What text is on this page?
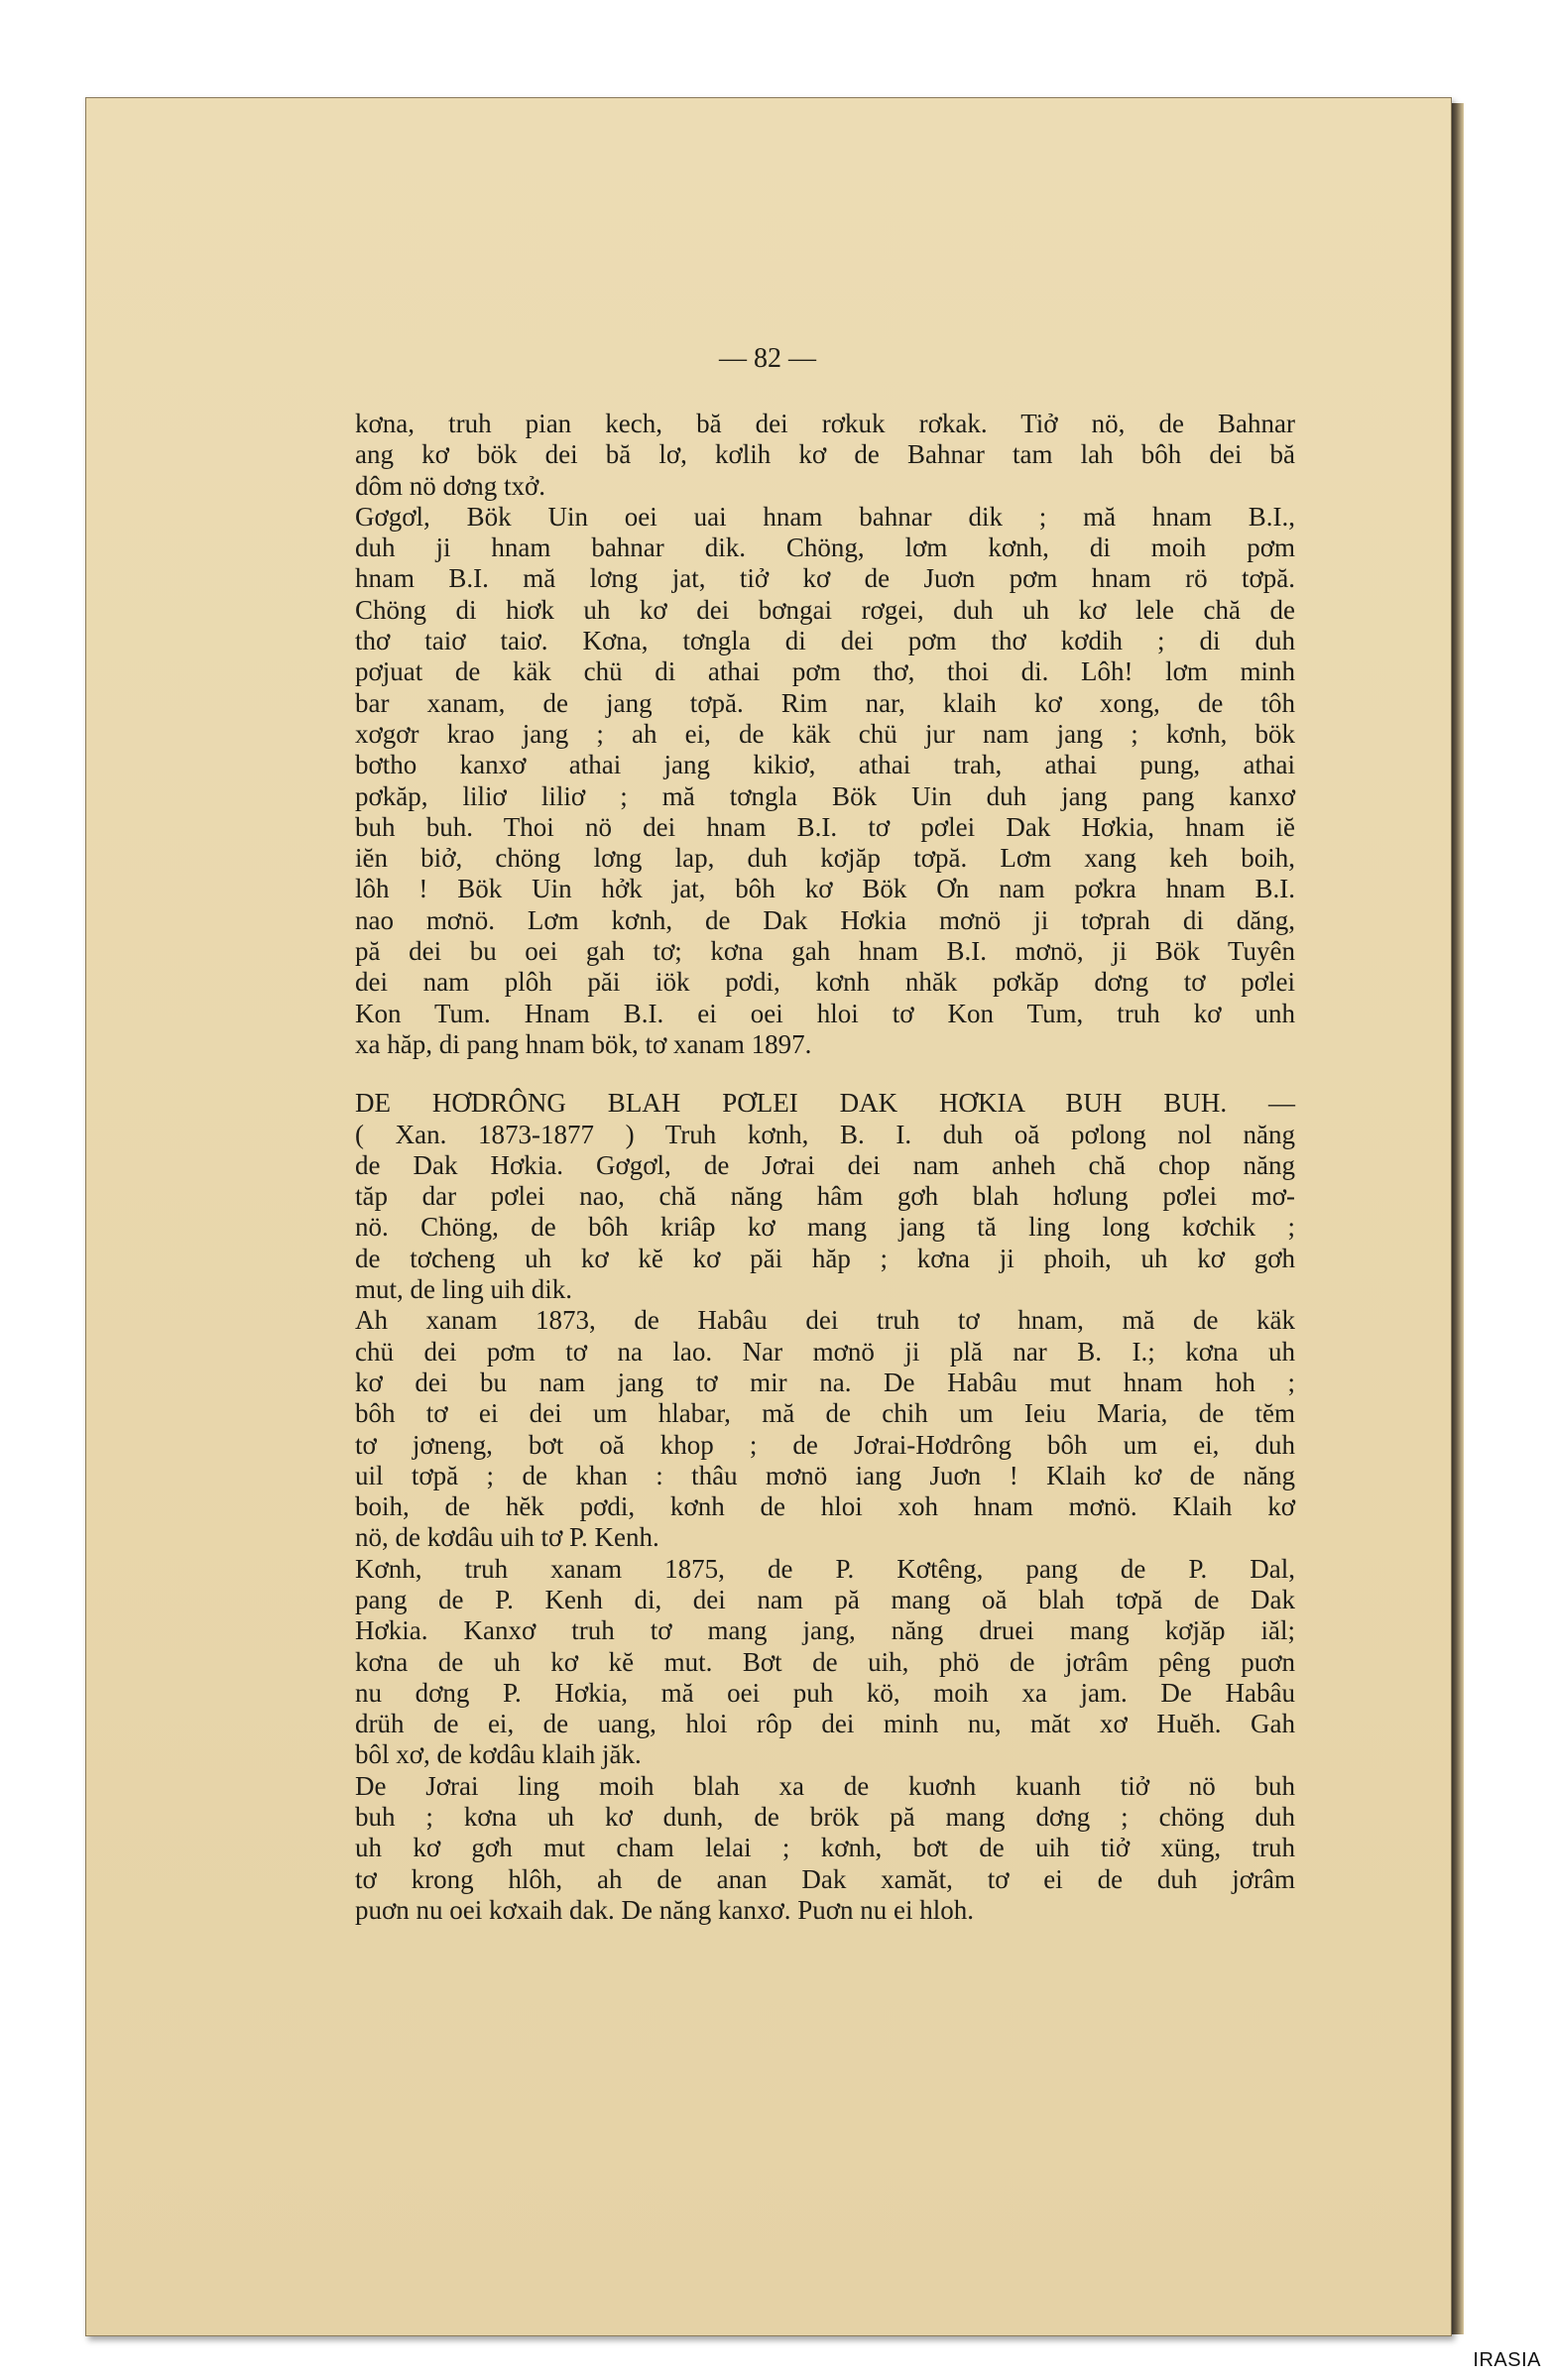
— 82 —
kơna, truh pian kech, bă dei rơkuk rơkak. Tiở nö, de Bahnar
ang kơ bök dei bă lơ, kơlih kơ de Bahnar tam lah bôh dei bă
dôm nö dơng txở.
Gơgơl, Bök Uin oei uai hnam bahnar dik ; mă hnam B.I.,
duh ji hnam bahnar dik. Chöng, lơm kơnh, di moih pơm
hnam B.I. mă lơng jat, tiở kơ de Juơn pơm hnam rö tơpă.
Chöng di hiơk uh kơ dei bơngai rơgei, duh uh kơ lele chă de
thơ taiơ taiơ. Kơna, tơngla di dei pơm thơ kơdih ; di duh
pơjuat de käk chü di athai pơm thơ, thoi di. Lôh! lơm minh
bar xanam, de jang tơpă. Rim nar, klaih kơ xong, de tôh
xơgơr krao jang ; ah ei, de käk chü jur nam jang ; kơnh, bök
bơtho kanxơ athai jang kikiơ, athai trah, athai pung, athai
pơkăp, liliơ liliơ ; mă tơngla Bök Uin duh jang pang kanxơ
buh buh. Thoi nö dei hnam B.I. tơ pơlei Dak Hơkia, hnam iĕ
iĕn biở, chöng lơng lap, duh kơjăp tơpă. Lơm xang keh boih,
lôh ! Bök Uin hởk jat, bôh kơ Bök Ơn nam pơkra hnam B.I.
nao mơnö. Lơm kơnh, de Dak Hơkia mơnö ji tơprah di dăng,
pă dei bu oei gah tơ; kơna gah hnam B.I. mơnö, ji Bök Tuyên
dei nam plôh păi iök pơdi, kơnh nhăk pơkăp dơng tơ pơlei
Kon Tum. Hnam B.I. ei oei hloi tơ Kon Tum, truh kơ unh
xa hăp, di pang hnam bök, tơ xanam 1897.
DE HƠDRÔNG BLAH PƠLEI DAK HƠKIA BUH BUH. —
( Xan. 1873-1877 ) Truh kơnh, B. I. duh oă pơlong nol năng
de Dak Hơkia. Gơgơl, de Jơrai dei nam anheh chă chop năng
tăp dar pơlei nao, chă năng hâm gơh blah hơlung pơlei mơ-
nö. Chöng, de bôh kriâp kơ mang jang tă ling long kơchik ;
de tơcheng uh kơ kĕ kơ păi hăp ; kơna ji phoih, uh kơ gơh
mut, de ling uih dik.
Ah xanam 1873, de Habâu dei truh tơ hnam, mă de käk
chü dei pơm tơ na lao. Nar mơnö ji plă nar B. I.; kơna uh
kơ dei bu nam jang tơ mir na. De Habâu mut hnam hoh ;
bôh tơ ei dei um hlabar, mă de chih um Ieiu Maria, de tĕm
tơ jơneng, bơt oă khop ; de Jơrai-Hơdrông bôh um ei, duh
uil tơpă ; de khan : thâu mơnö iang Juơn ! Klaih kơ de năng
boih, de hĕk pơdi, kơnh de hloi xoh hnam mơnö. Klaih kơ
nö, de kơdâu uih tơ P. Kenh.
Kơnh, truh xanam 1875, de P. Kơtêng, pang de P. Dal,
pang de P. Kenh di, dei nam pă mang oă blah tơpă de Dak
Hơkia. Kanxơ truh tơ mang jang, năng druei mang kơjăp iăl;
kơna de uh kơ kĕ mut. Bơt de uih, phö de jơrâm pêng puơn
nu dơng P. Hơkia, mă oei puh kö, moih xa jam. De Habâu
drüh de ei, de uang, hloi rôp dei minh nu, măt xơ Huĕh. Gah
bôl xơ, de kơdâu klaih jăk.
De Jơrai ling moih blah xa de kuơnh kuanh tiở nö buh
buh ; kơna uh kơ dunh, de brök pă mang dơng ; chöng duh
uh kơ gơh mut cham lelai ; kơnh, bơt de uih tiở xüng, truh
tơ krong hlôh, ah de anan Dak xamăt, tơ ei de duh jơrâm
puơn nu oei kơxaih dak. De năng kanxơ. Puơn nu ei hloh.
IRASIA
